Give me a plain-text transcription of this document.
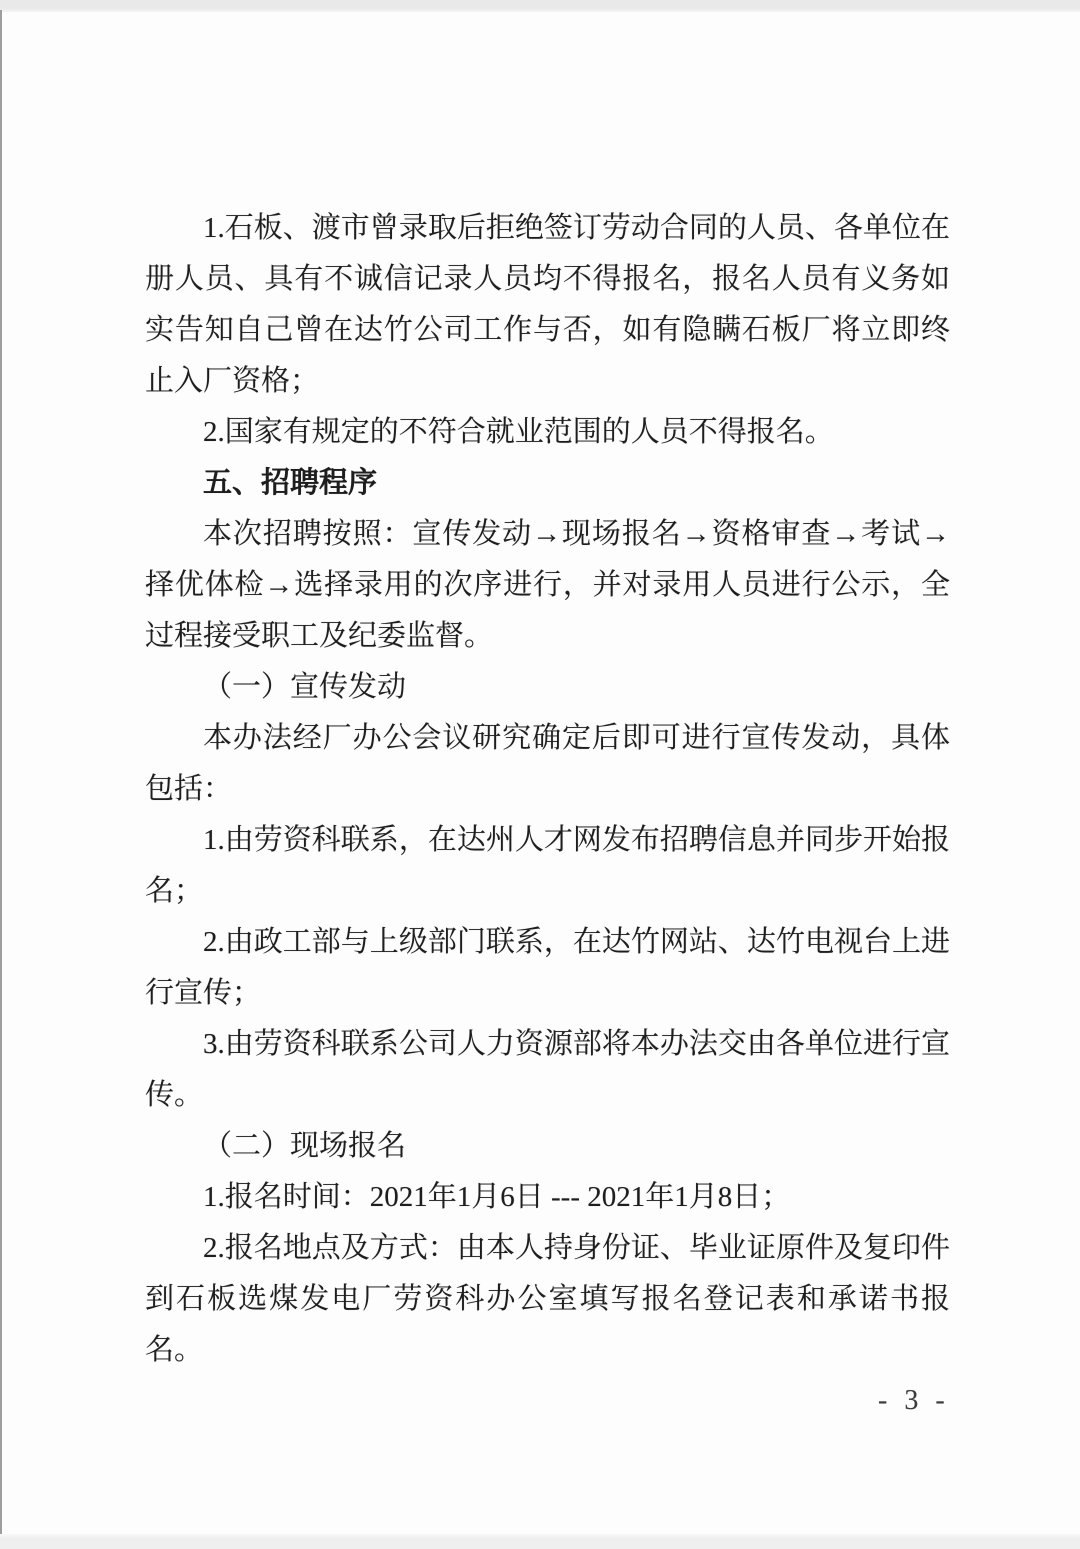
1.石板、渡市曾录取后拒绝签订劳动合同的人员、各单位在册人员、具有不诚信记录人员均不得报名，报名人员有义务如实告知自己曾在达竹公司工作与否，如有隐瞒石板厂将立即终止入厂资格；
2.国家有规定的不符合就业范围的人员不得报名。
五、招聘程序
本次招聘按照：宣传发动→现场报名→资格审查→考试→择优体检→选择录用的次序进行，并对录用人员进行公示，全过程接受职工及纪委监督。
（一）宣传发动
本办法经厂办公会议研究确定后即可进行宣传发动，具体包括：
1.由劳资科联系，在达州人才网发布招聘信息并同步开始报名；
2.由政工部与上级部门联系，在达竹网站、达竹电视台上进行宣传；
3.由劳资科联系公司人力资源部将本办法交由各单位进行宣传。
（二）现场报名
1.报名时间：2021年1月6日 --- 2021年1月8日；
2.报名地点及方式：由本人持身份证、毕业证原件及复印件到石板选煤发电厂劳资科办公室填写报名登记表和承诺书报名。
- 3 -
